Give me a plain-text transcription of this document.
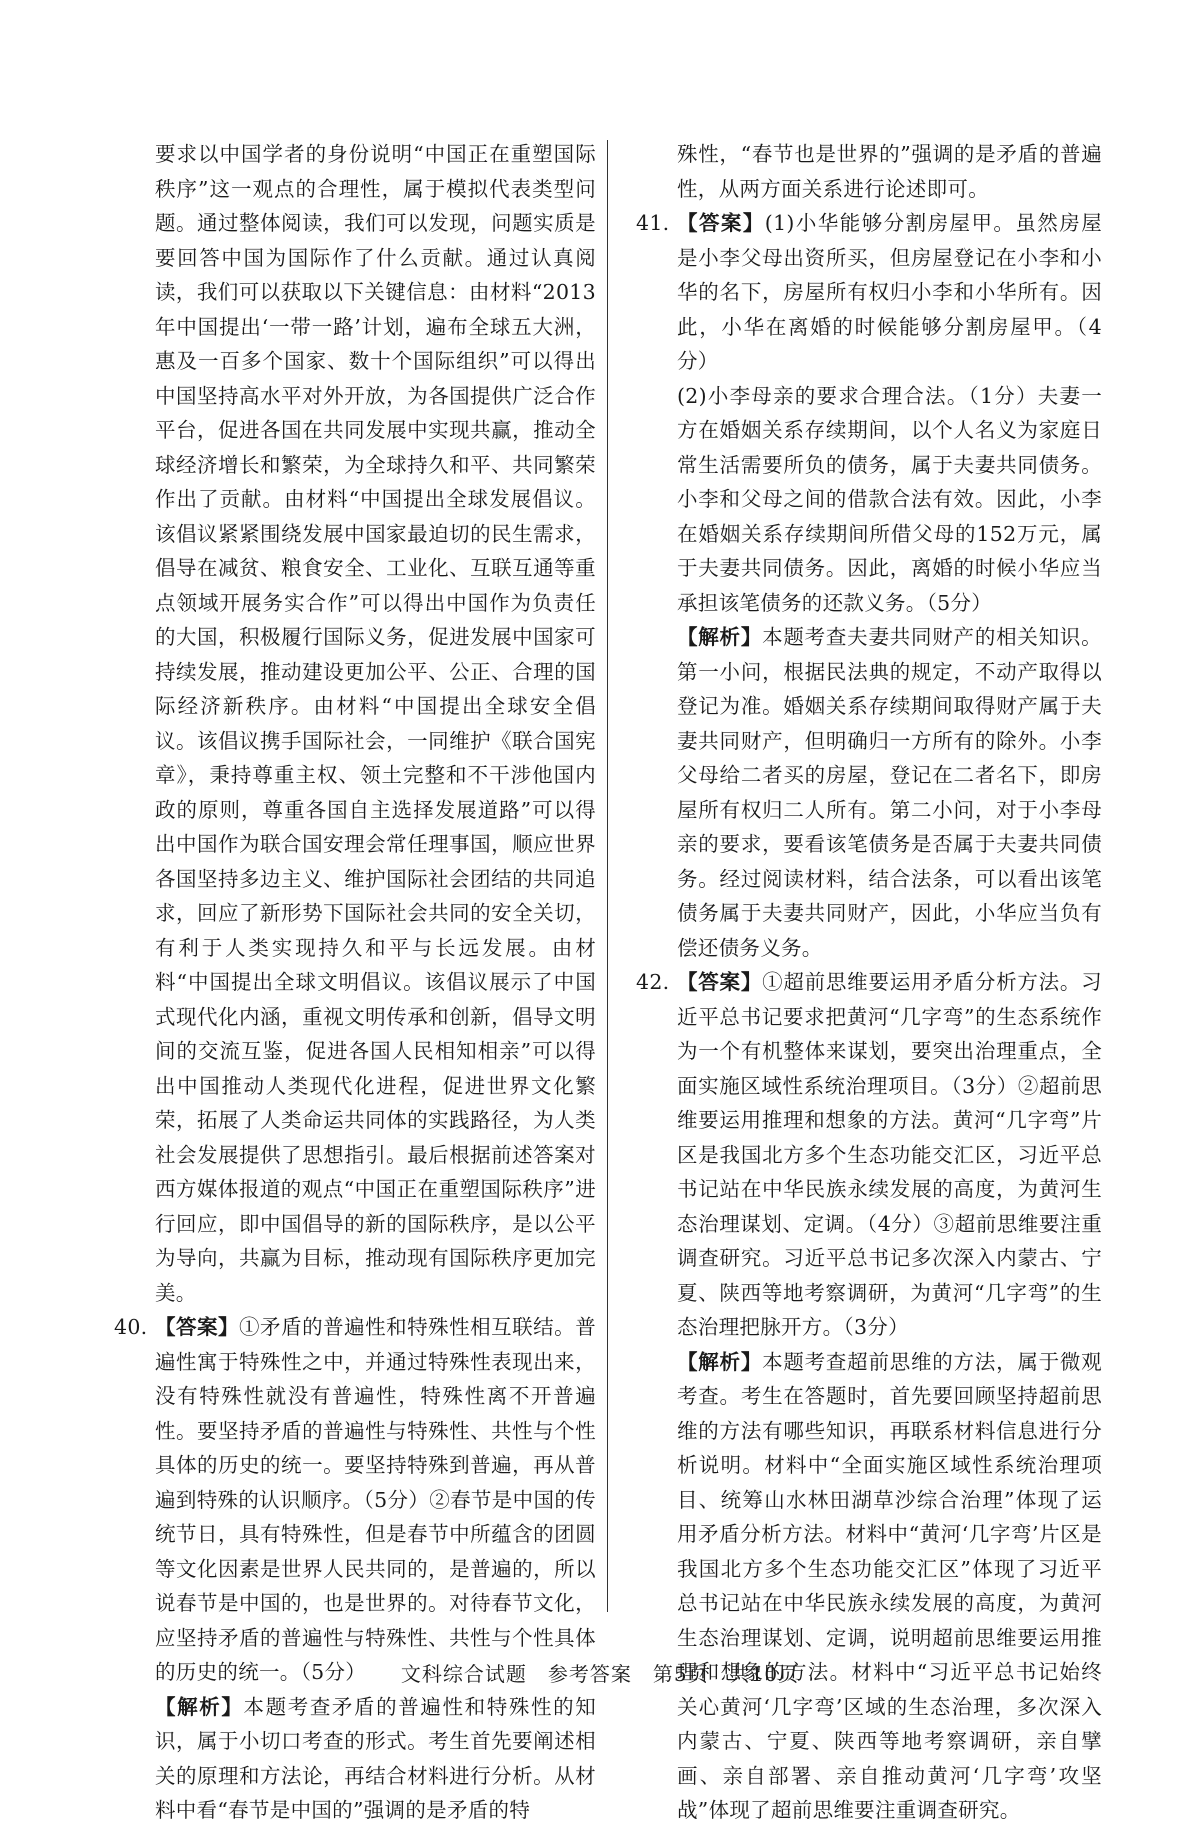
要求以中国学者的身份说明“中国正在重塑国际秩序”这一观点的合理性，属于模拟代表类型问题。通过整体阅读，我们可以发现，问题实质是要回答中国为国际作了什么贡献。通过认真阅读，我们可以获取以下关键信息：由材料“2013年中国提出‘一带一路’计划，遍布全球五大洲，惠及一百多个国家、数十个国际组织”可以得出中国坚持高水平对外开放，为各国提供广泛合作平台，促进各国在共同发展中实现共赢，推动全球经济增长和繁荣，为全球持久和平、共同繁荣作出了贡献。由材料“中国提出全球发展倡议。该倡议紧紧围绕发展中国家最迫切的民生需求，倡导在减贫、粮食安全、工业化、互联互通等重点领域开展务实合作”可以得出中国作为负责任的大国，积极履行国际义务，促进发展中国家可持续发展，推动建设更加公平、公正、合理的国际经济新秩序。由材料“中国提出全球安全倡议。该倡议携手国际社会，一同维护《联合国宪章》，秉持尊重主权、领土完整和不干涉他国内政的原则，尊重各国自主选择发展道路”可以得出中国作为联合国安理会常任理事国，顺应世界各国坚持多边主义、维护国际社会团结的共同追求，回应了新形势下国际社会共同的安全关切，有利于人类实现持久和平与长远发展。由材料“中国提出全球文明倡议。该倡议展示了中国式现代化内涵，重视文明传承和创新，倡导文明间的交流互鉴，促进各国人民相知相亲”可以得出中国推动人类现代化进程，促进世界文化繁荣，拓展了人类命运共同体的实践路径，为人类社会发展提供了思想指引。最后根据前述答案对西方媒体报道的观点“中国正在重塑国际秩序”进行回应，即中国倡导的新的国际秩序，是以公平为导向，共赢为目标，推动现有国际秩序更加完美。

40. 【答案】①矛盾的普遍性和特殊性相互联结。普遍性寓于特殊性之中，并通过特殊性表现出来，没有特殊性就没有普遍性，特殊性离不开普遍性。要坚持矛盾的普遍性与特殊性、共性与个性具体的历史的统一。要坚持特殊到普遍，再从普遍到特殊的认识顺序。（5分）②春节是中国的传统节日，具有特殊性，但是春节中所蕴含的团圆等文化因素是世界人民共同的，是普遍的，所以说春节是中国的，也是世界的。对待春节文化，应坚持矛盾的普遍性与特殊性、共性与个性具体的历史的统一。（5分）
【解析】本题考查矛盾的普遍性和特殊性的知识，属于小切口考查的形式。考生首先要阐述相关的原理和方法论，再结合材料进行分析。从材料中看“春节是中国的”强调的是矛盾的特

殊性，“春节也是世界的”强调的是矛盾的普遍性，从两方面关系进行论述即可。

41. 【答案】(1)小华能够分割房屋甲。虽然房屋是小李父母出资所买，但房屋登记在小李和小华的名下，房屋所有权归小李和小华所有。因此，小华在离婚的时候能够分割房屋甲。（4分）
(2)小李母亲的要求合理合法。（1分）夫妻一方在婚姻关系存续期间，以个人名义为家庭日常生活需要所负的债务，属于夫妻共同债务。小李和父母之间的借款合法有效。因此，小李在婚姻关系存续期间所借父母的152万元，属于夫妻共同债务。因此，离婚的时候小华应当承担该笔债务的还款义务。（5分）
【解析】本题考查夫妻共同财产的相关知识。第一小问，根据民法典的规定，不动产取得以登记为准。婚姻关系存续期间取得财产属于夫妻共同财产，但明确归一方所有的除外。小李父母给二者买的房屋，登记在二者名下，即房屋所有权归二人所有。第二小问，对于小李母亲的要求，要看该笔债务是否属于夫妻共同债务。经过阅读材料，结合法条，可以看出该笔债务属于夫妻共同财产，因此，小华应当负有偿还债务义务。
42. 【答案】①超前思维要运用矛盾分析方法。习近平总书记要求把黄河“几字弯”的生态系统作为一个有机整体来谋划，要突出治理重点，全面实施区域性系统治理项目。（3分）②超前思维要运用推理和想象的方法。黄河“几字弯”片区是我国北方多个生态功能交汇区，习近平总书记站在中华民族永续发展的高度，为黄河生态治理谋划、定调。（4分）③超前思维要注重调查研究。习近平总书记多次深入内蒙古、宁夏、陕西等地考察调研，为黄河“几字弯”的生态治理把脉开方。（3分）
【解析】本题考查超前思维的方法，属于微观考查。考生在答题时，首先要回顾坚持超前思维的方法有哪些知识，再联系材料信息进行分析说明。材料中“全面实施区域性系统治理项目、统筹山水林田湖草沙综合治理”体现了运用矛盾分析方法。材料中“黄河‘几字弯’片区是我国北方多个生态功能交汇区”体现了习近平总书记站在中华民族永续发展的高度，为黄河生态治理谋划、定调，说明超前思维要运用推理和想象的方法。材料中“习近平总书记始终关心黄河‘几字弯’区域的生态治理，多次深入内蒙古、宁夏、陕西等地考察调研，亲自擘画、亲自部署、亲自推动黄河‘几字弯’攻坚战”体现了超前思维要注重调查研究。
文科综合试题　参考答案　第5页　共10页
